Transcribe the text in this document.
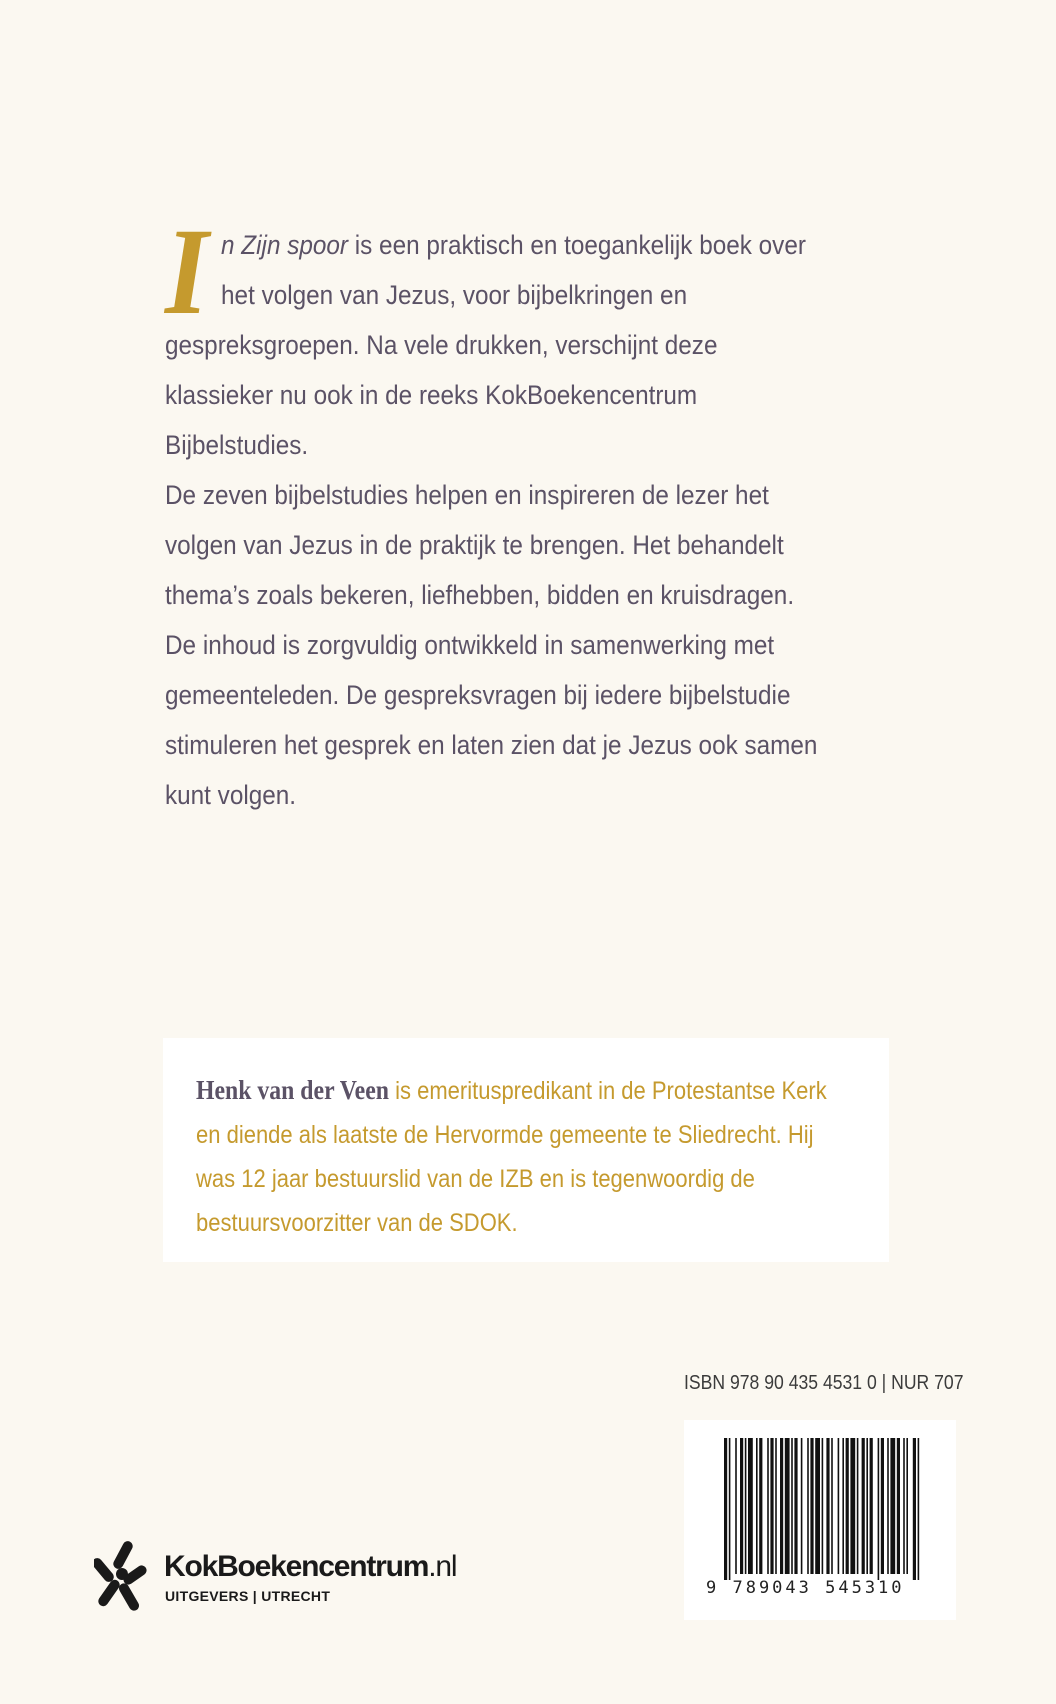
In Zijn spoor is een praktisch en toegankelijk boek over het volgen van Jezus, voor bijbelkringen en gespreksgroepen. Na vele drukken, verschijnt deze klassieker nu ook in de reeks KokBoekencentrum Bijbelstudies.

De zeven bijbelstudies helpen en inspireren de lezer het volgen van Jezus in de praktijk te brengen. Het behandelt thema’s zoals bekeren, liefhebben, bidden en kruisdragen. De inhoud is zorgvuldig ontwikkeld in samenwerking met gemeenteleden. De gespreksvragen bij iedere bijbelstudie stimuleren het gesprek en laten zien dat je Jezus ook samen kunt volgen.

Henk van der Veen is emerituspredikant in de Protestantse Kerk en diende als laatste de Hervormde gemeente te Sliedrecht. Hij was 12 jaar bestuurslid van de IZB en is tegenwoordig de bestuursvoorzitter van de SDOK.
ISBN 978 90 435 4531 0 | NUR 707
9 789043 545310
KokBoekencentrum.nl
UITGEVERS | UTRECHT
